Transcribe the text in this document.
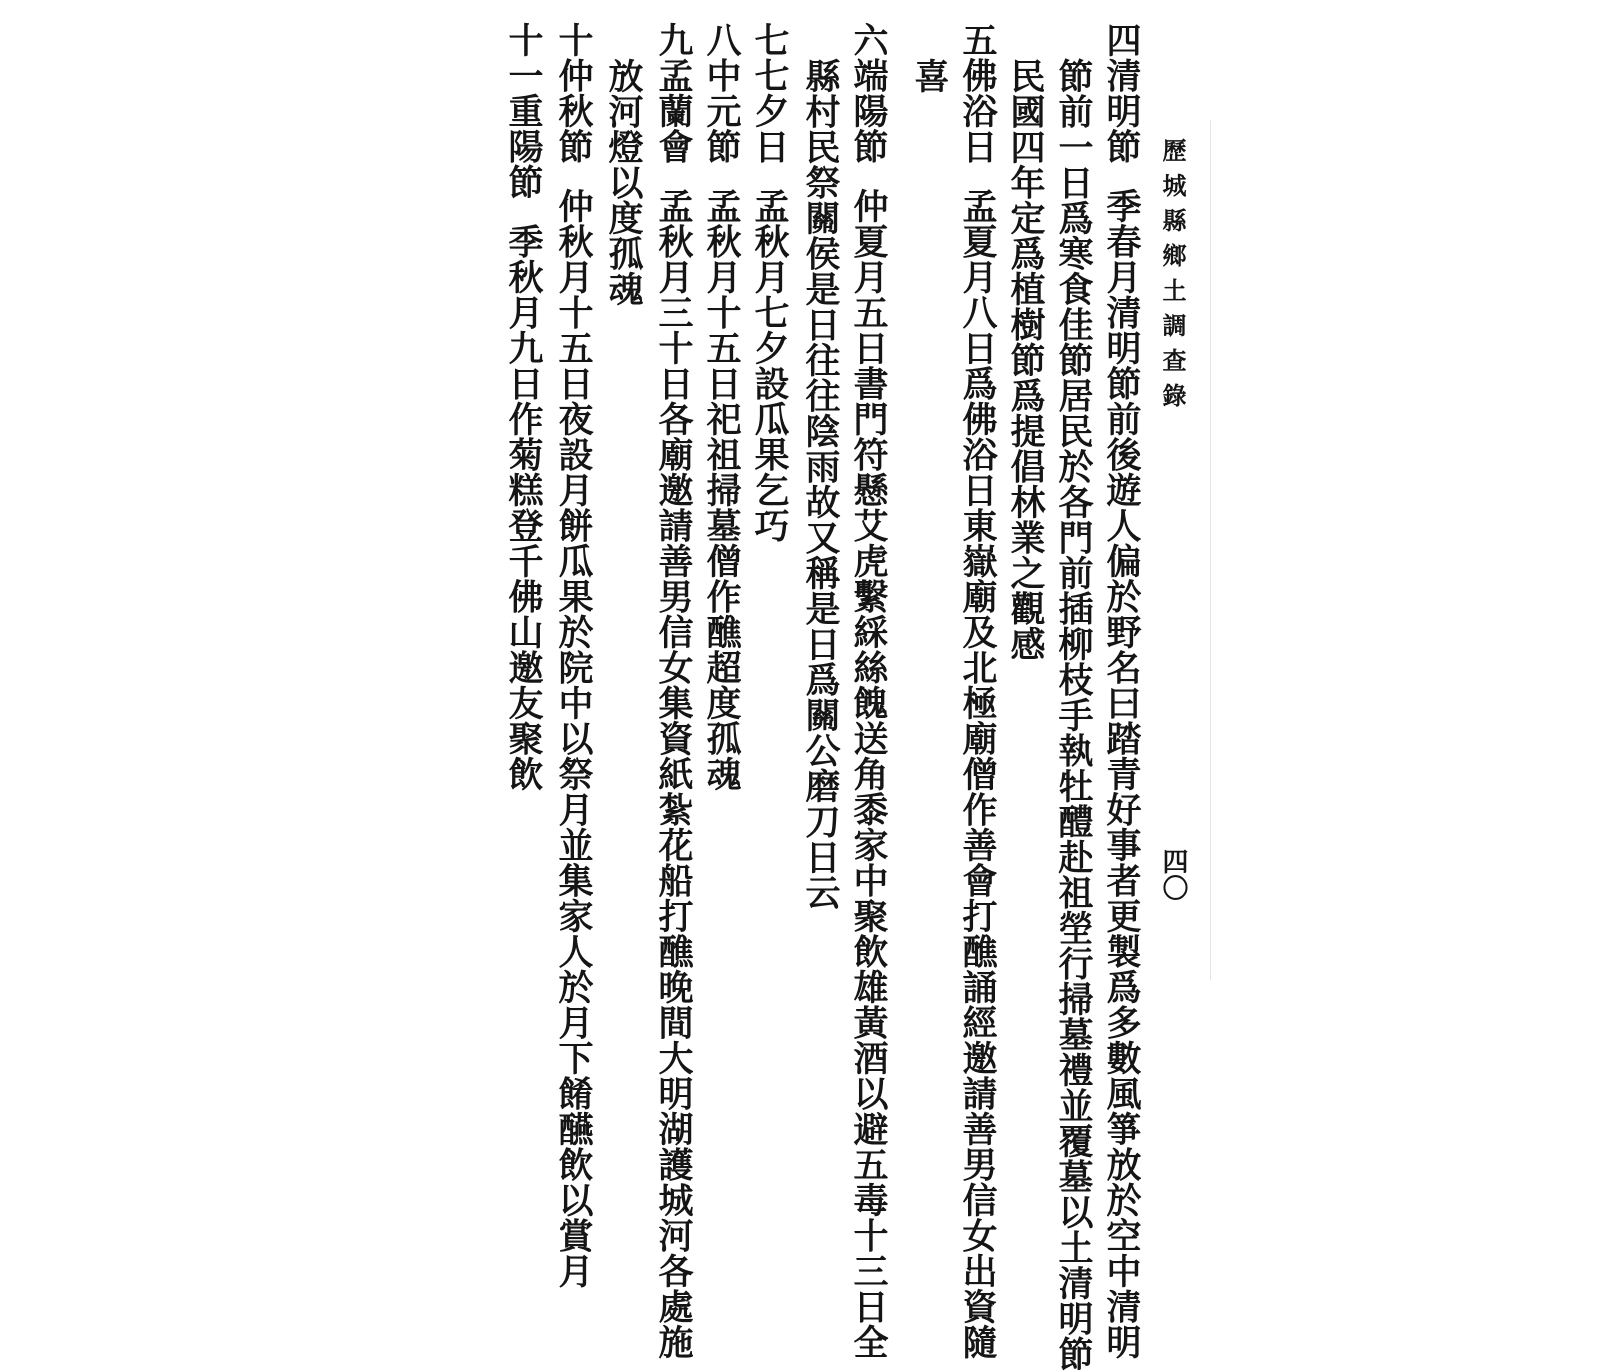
歷城縣鄉土調查錄
四〇
四清明節季春月清明節前後遊人偏於野名曰踏青好事者更製爲多數風箏放於空中清明
節前一日爲寒食佳節居民於各門前插柳枝手執牡醴赴祖塋行掃墓禮並覆墓以土清明節
民國四年定爲植樹節爲提倡林業之觀感
五佛浴日孟夏月八日爲佛浴日東嶽廟及北極廟僧作善會打醮誦經邀請善男信女出資隨
喜
六端陽節仲夏月五日書門符懸艾虎繫綵絲餽送角黍家中聚飲雄黃酒以避五毒十三日全
縣村民祭關侯是日往往陰雨故又稱是日爲關公磨刀日云
七七夕日孟秋月七夕設瓜果乞巧
八中元節孟秋月十五日祀祖掃墓僧作醮超度孤魂
九孟蘭會孟秋月三十日各廟邀請善男信女集資紙紮花船打醮晚間大明湖護城河各處施
放河燈以度孤魂
十仲秋節仲秋月十五日夜設月餅瓜果於院中以祭月並集家人於月下餚醼飲以賞月
十一重陽節季秋月九日作菊糕登千佛山邀友聚飲
